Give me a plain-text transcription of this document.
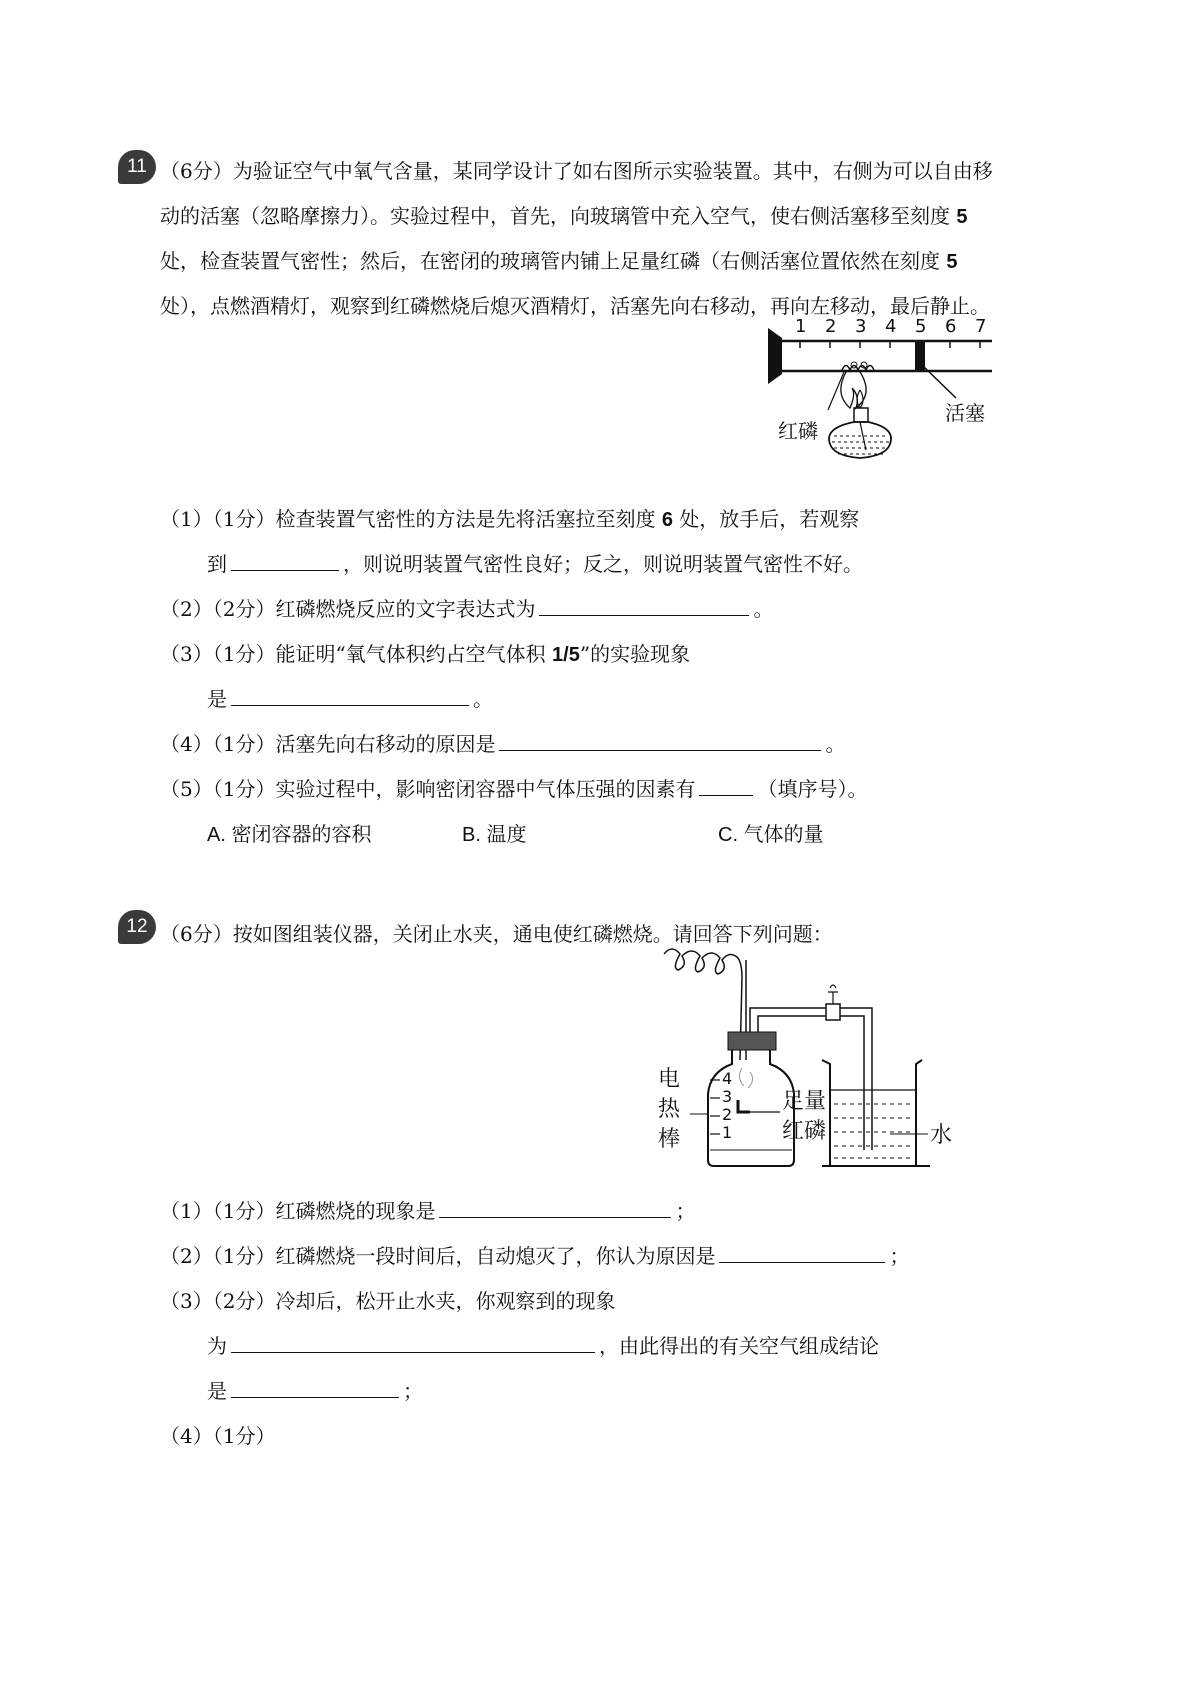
11 （6分）为验证空气中氧气含量，某同学设计了如右图所示实验装置。其中，右侧为可以自由移
动的活塞（忽略摩擦力）。实验过程中，首先，向玻璃管中充入空气，使右侧活塞移至刻度 5
处，检查装置气密性；然后，在密闭的玻璃管内铺上足量红磷（右侧活塞位置依然在刻度 5
处），点燃酒精灯，观察到红磷燃烧后熄灭酒精灯，活塞先向右移动，再向左移动，最后静止。
1 2 3 4 5 6 7
活塞
红磷
（1）（1分）检查装置气密性的方法是先将活塞拉至刻度 6 处，放手后，若观察
到	，则说明装置气密性良好；反之，则说明装置气密性不好。
（2）（2分）红磷燃烧反应的文字表达式为	。
（3）（1分）能证明“氧气体积约占空气体积 1/5”的实验现象
是	。
（4）（1分）活塞先向右移动的原因是	。
（5）（1分）实验过程中，影响密闭容器中气体压强的因素有	（填序号）。
A. 密闭容器的容积	B. 温度	C. 气体的量
12 （6分）按如图组装仪器，关闭止水夹，通电使红磷燃烧。请回答下列问题：
4
3
2
1
电
热
棒
足量
红磷	水
（1）（1分）红磷燃烧的现象是	；
（2）（1分）红磷燃烧一段时间后，自动熄灭了，你认为原因是	；
（3）（2分）冷却后，松开止水夹，你观察到的现象
为	，由此得出的有关空气组成结论
是	；
（4）（1分）
